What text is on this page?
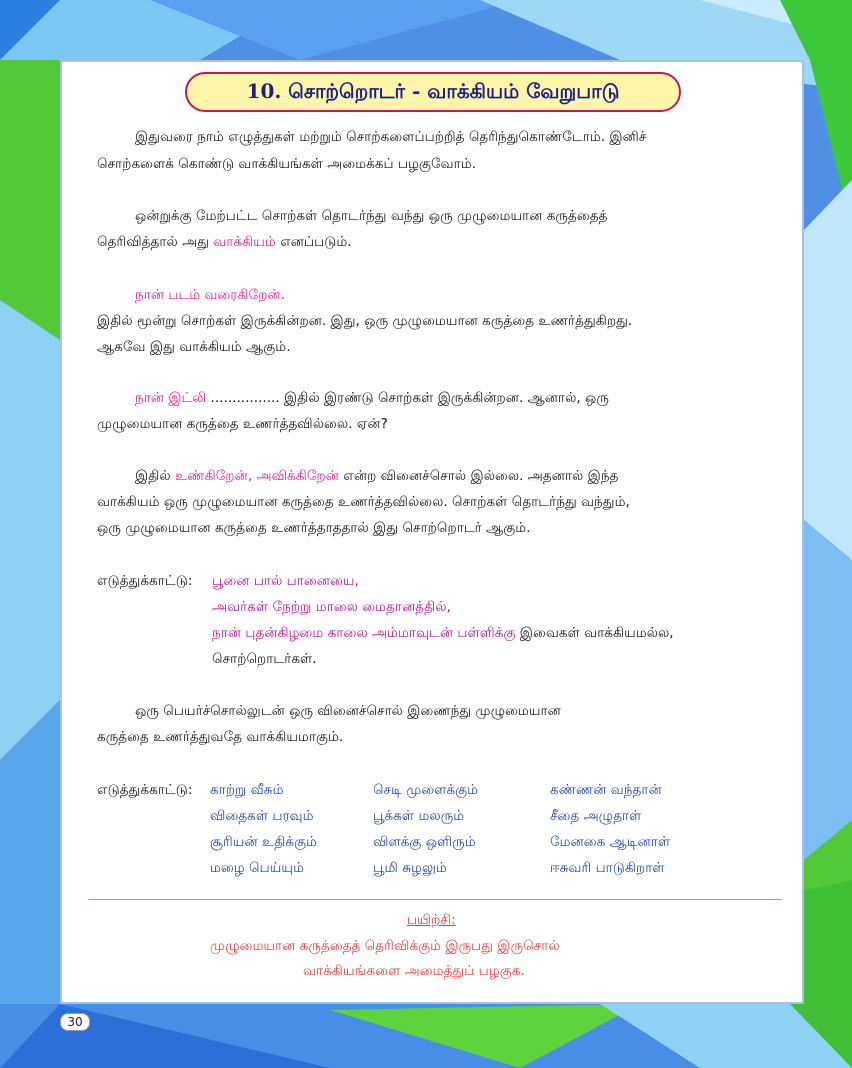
10. சொற்றொடர் - வாக்கியம் வேறுபாடு
இதுவரை நாம் எழுத்துகள் மற்றும் சொற்களைப்பற்றித் தெரிந்துகொண்டோம். இனிச்
சொற்களைக் கொண்டு வாக்கியங்கள் அமைக்கப் பழகுவோம்.
ஒன்றுக்கு மேற்பட்ட சொற்கள் தொடர்ந்து வந்து ஒரு முழுமையான கருத்தைத்
தெரிவித்தால் அது வாக்கியம் எனப்படும்.
நான் படம் வரைகிறேன்.
இதில் மூன்று சொற்கள் இருக்கின்றன. இது, ஒரு முழுமையான கருத்தை உணர்த்துகிறது.
ஆகவே இது வாக்கியம் ஆகும்.
நான் இட்லி ................ இதில் இரண்டு சொற்கள் இருக்கின்றன. ஆனால், ஒரு
முழுமையான கருத்தை உணர்த்தவில்லை. ஏன்?
இதில் உண்கிறேன், அவிக்கிறேன் என்ற வினைச்சொல் இல்லை. அதனால் இந்த
வாக்கியம் ஒரு முழுமையான கருத்தை உணர்த்தவில்லை. சொற்கள் தொடர்ந்து வந்தும்,
ஒரு முழுமையான கருத்தை உணர்த்தாததால் இது சொற்றொடர் ஆகும்.
எடுத்துக்காட்டு: பூனை பால் பானையை,
அவர்கள் நேற்று மாலை மைதானத்தில்,
நான் புதன்கிழமை காலை அம்மாவுடன் பள்ளிக்கு இவைகள் வாக்கியமல்ல,
சொற்றொடர்கள்.
ஒரு பெயர்ச்சொல்லுடன் ஒரு வினைச்சொல் இணைந்து முழுமையான
கருத்தை உணர்த்துவதே வாக்கியமாகும்.
எடுத்துக்காட்டு: காற்று வீசும்
விதைகள் பரவும்
சூரியன் உதிக்கும்
மழை பெய்யும்
செடி முளைக்கும்
பூக்கள் மலரும்
விளக்கு ஒளிரும்
பூமி சுழலும்
கண்ணன் வந்தான்
சீதை அழுதாள்
மேனகை ஆடினாள்
ஈசுவரி பாடுகிறாள்
பயிற்சி:
முழுமையான கருத்தைத் தெரிவிக்கும் இருபது இருசொல்
வாக்கியங்களை அமைத்துப் பழகுக.
30
